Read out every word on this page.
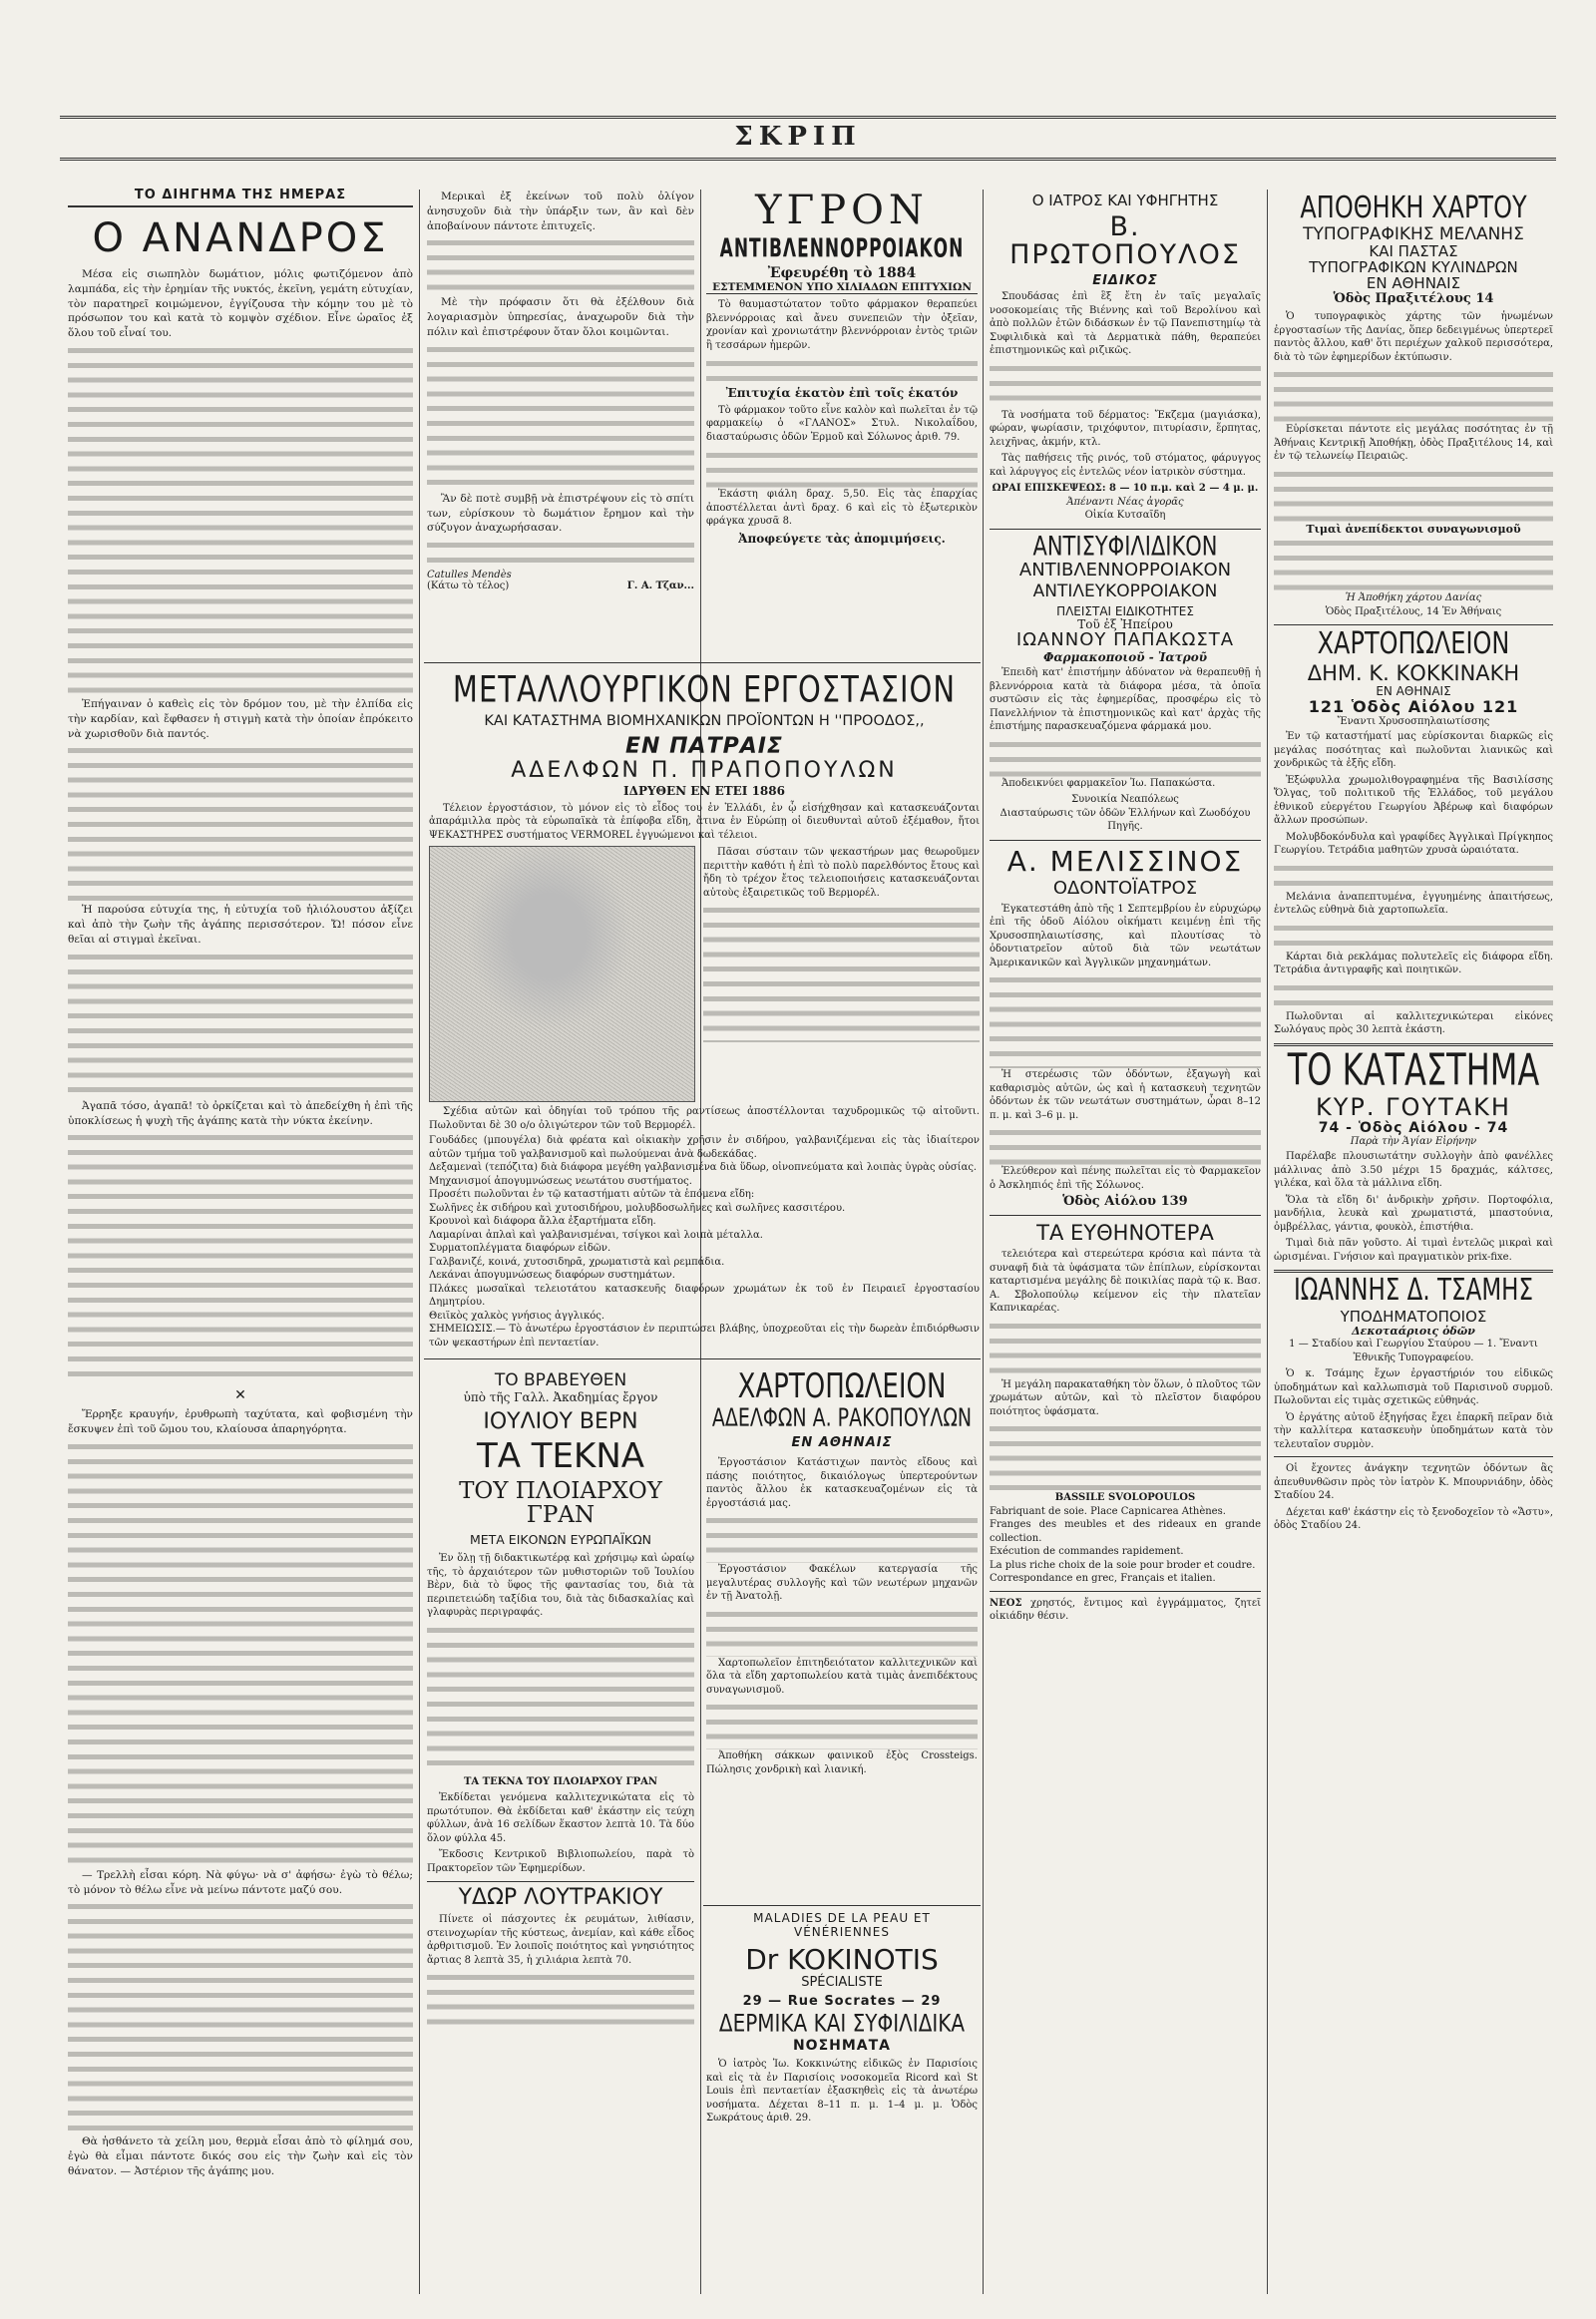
ΣΚΡΙΠ
ΤΟ ΔΙΗΓΗΜΑ ΤΗΣ ΗΜΕΡΑΣ
Ο ΑΝΑΝΔΡΟΣ

Μέσα εἰς σιωπηλὸν δωμάτιον, μόλις φωτιζόμενον ἀπὸ λαμπάδα, εἰς τὴν ἐρημίαν τῆς νυκτός, ἐκεῖνη, γεμάτη εὐτυχίαν, τὸν παρατηρεῖ κοιμώμενον, ἐγγίζουσα τὴν κόμην του μὲ τὸ πρόσωπον του καὶ κατὰ τὸ κομψὸν σχέδιον. Εἶνε ὡραῖος ἐξ ὅλου τοῦ εἶναί του.

Ἐπήγαιναν ὁ καθεὶς εἰς τὸν δρόμον του, μὲ τὴν ἐλπίδα εἰς τὴν καρδίαν, καὶ ἔφθασεν ἡ στιγμὴ κατὰ τὴν ὁποίαν ἐπρόκειτο νὰ χωρισθοῦν διὰ παντός.

Ἡ παρούσα εὐτυχία της, ἡ εὐτυχία τοῦ ἡλιόλουστου ἀξίζει καὶ ἀπὸ τὴν ζωὴν τῆς ἀγάπης περισσότερον. Ὤ! πόσον εἶνε θεῖαι αἱ στιγμαὶ ἐκεῖναι.

Ἀγαπᾶ τόσο, ἀγαπᾶ! τὸ ὀρκίζεται καὶ τὸ ἀπεδείχθη ἡ ἐπὶ τῆς ὑποκλίσεως ἡ ψυχὴ τῆς ἀγάπης κατὰ τὴν νύκτα ἐκείνην.

✕

Ἔρρηξε κραυγήν, ἐρυθρωπὴ ταχύτατα, καὶ φοβισμένη τὴν ἔσκυψεν ἐπὶ τοῦ ὤμου του, κλαίουσα ἀπαρηγόρητα.

— Τρελλὴ εἶσαι κόρη. Νὰ φύγω· νὰ σ' ἀφήσω· ἐγὼ τὸ θέλω; τὸ μόνον τὸ θέλω εἶνε νὰ μείνω πάντοτε μαζύ σου.

Θὰ ἠσθάνετο τὰ χείλη μου, θερμὰ εἶσαι ἀπὸ τὸ φίλημά σου, ἐγὼ θὰ εἶμαι πάντοτε δικός σου εἰς τὴν ζωὴν καὶ εἰς τὸν θάνατον. — Ἀστέριον τῆς ἀγάπης μου.

Μερικαὶ ἐξ ἐκείνων τοῦ πολὺ ὀλίγον ἀνησυχοῦν διὰ τὴν ὑπάρξιν των, ἂν καὶ δὲν ἀποβαίνουν πάντοτε ἐπιτυχεῖς.

Μὲ τὴν πρόφασιν ὅτι θὰ ἐξέλθουν διὰ λογαριασμὸν ὑπηρεσίας, ἀναχωροῦν διὰ τὴν πόλιν καὶ ἐπιστρέφουν ὅταν ὅλοι κοιμῶνται.

Ἂν δὲ ποτὲ συμβῇ νὰ ἐπιστρέψουν εἰς τὸ σπίτι των, εὑρίσκουν τὸ δωμάτιον ἔρημον καὶ τὴν σύζυγον ἀναχωρήσασαν.

Catulles Mendès
(Κάτω τὸ τέλος)	Γ. Α. Τζαν...
ΥΓΡΟΝ
ΑΝΤΙΒΛΕΝΝΟΡΡΟΙΑΚΟΝ
Ἐφευρέθη τὸ 1884
ΕΣΤΕΜΜΕΝΟΝ ΥΠΟ ΧΙΛΙΑΔΩΝ ΕΠΙΤΥΧΙΩΝ

Τὸ θαυμαστώτατον τοῦτο φάρμακον θεραπεύει βλεννόρροιας καὶ ἄνευ συνεπειῶν τὴν ὀξεῖαν, χρονίαν καὶ χρονιωτάτην βλεννόρροιαν ἐντὸς τριῶν ἢ τεσσάρων ἡμερῶν.

Ἐπιτυχία ἑκατὸν ἐπὶ τοῖς ἑκατόν

Τὸ φάρμακον τοῦτο εἶνε καλὸν καὶ πωλεῖται ἐν τῷ φαρμακείῳ ὁ «ΓΛΑΝΟΣ» Στυλ. Νικολαΐδου, διασταύρωσις ὁδῶν Ἑρμοῦ καὶ Σόλωνος ἀριθ. 79.

Ἑκάστη φιάλη δραχ. 5,50. Εἰς τὰς ἐπαρχίας ἀποστέλλεται ἀντὶ δραχ. 6 καὶ εἰς τὸ ἐξωτερικὸν φράγκα χρυσᾶ 8.

Ἀποφεύγετε τὰς ἀπομιμήσεις.
ΜΕΤΑΛΛΟΥΡΓΙΚΟΝ ΕΡΓΟΣΤΑΣΙΟΝ
ΚΑΙ ΚΑΤΑΣΤΗΜΑ ΒΙΟΜΗΧΑΝΙΚΩΝ ΠΡΟΪΟΝΤΩΝ Η ''ΠΡΟΟΔΟΣ,,
ΕΝ ΠΑΤΡΑΙΣ
ΑΔΕΛΦΩΝ Π. ΠΡΑΠΟΠΟΥΛΩΝ
ΙΔΡΥΘΕΝ ΕΝ ΕΤΕΙ 1886

Τέλειον ἐργοστάσιον, τὸ μόνον εἰς τὸ εἶδος του ἐν Ἑλλάδι, ἐν ᾧ εἰσήχθησαν καὶ κατασκευάζονται ἀπαράμιλλα πρὸς τὰ εὐρωπαϊκὰ τὰ ἐπίφοβα εἴδη, ἅτινα ἐν Εὐρώπῃ οἱ διευθυνταὶ αὐτοῦ ἐξέμαθον, ἤτοι ΨΕΚΑΣΤΗΡΕΣ συστήματος VERMOREL ἐγγυώμενοι καὶ τέλειοι.

Πᾶσαι σύσταιν τῶν ψεκαστήρων μας θεωροῦμεν περιττὴν καθότι ἡ ἐπὶ τὸ πολὺ παρελθόντος ἔτους καὶ ἤδη τὸ τρέχον ἔτος τελειοποιήσεις κατασκευάζονται αὐτοὺς ἐξαιρετικῶς τοῦ Βερμορέλ.

Σχέδια αὐτῶν καὶ ὁδηγίαι τοῦ τρόπου τῆς ραντίσεως ἀποστέλλονται ταχυδρομικῶς τῷ αἰτοῦντι. Πωλοῦνται δὲ 30 ο/ο ὀλιγώτερον τῶν τοῦ Βερμορέλ.

Γουδάδες (μπουγέλα) διὰ φρέατα καὶ οἰκιακὴν χρῆσιν ἐν σιδήρου, γαλβανιζέμεναι εἰς τὰς ἰδιαίτερον αὐτῶν τμήμα τοῦ γαλβανισμοῦ καὶ πωλούμεναι ἀνὰ δωδεκάδας.
Δεξαμεναὶ (τεπόζιτα) διὰ διάφορα μεγέθη γαλβανισμένα διὰ ὕδωρ, οἰνοπνεύματα καὶ λοιπὰς ὑγρὰς οὐσίας.
Μηχανισμοί ἀπογυμνώσεως νεωτάτου συστήματος.
Προσέτι πωλοῦνται ἐν τῷ καταστήματι αὐτῶν τὰ ἑπόμενα εἴδη:
Σωλῆνες ἐκ σιδήρου καὶ χυτοσιδήρου, μολυβδοσωλῆνες καὶ σωλῆνες κασσιτέρου.
Κρουνοὶ καὶ διάφορα ἄλλα ἐξαρτήματα εἴδη.
Λαμαρίναι ἀπλαὶ καὶ γαλβανισμέναι, τσίγκοι καὶ λοιπὰ μέταλλα.
Συρματοπλέγματα διαφόρων εἰδῶν.
Γαλβανιζέ, κοινά, χυτοσιδηρᾶ, χρωματιστὰ καὶ ρεμπάδια.
Λεκάναι ἀπογυμνώσεως διαφόρων συστημάτων.
Πλάκες μωσαϊκαὶ τελειοτάτου κατασκευῆς διαφόρων χρωμάτων ἐκ τοῦ ἐν Πειραιεῖ ἐργοστασίου Δημητρίου.
Θειϊκὸς χαλκὸς γνήσιος ἀγγλικός.
ΣΗΜΕΙΩΣΙΣ.— Τὸ ἀνωτέρω ἐργοστάσιον ἐν περιπτώσει βλάβης, ὑποχρεοῦται εἰς τὴν δωρεὰν ἐπιδιόρθωσιν τῶν ψεκαστήρων ἐπὶ πενταετίαν.
ΤΟ ΒΡΑΒΕΥΘΕΝ
ὑπὸ τῆς Γαλλ. Ἀκαδημίας ἔργον
ΙΟΥΛΙΟΥ ΒΕΡΝ
ΤΑ ΤΕΚΝΑ
ΤΟΥ ΠΛΟΙΑΡΧΟΥ ΓΡΑΝ
ΜΕΤΑ ΕΙΚΟΝΩΝ ΕΥΡΩΠΑΪΚΩΝ

Ἐν ὅλῃ τῇ διδακτικωτέρᾳ καὶ χρήσιμῳ καὶ ὡραίῳ τῆς, τὸ ἀρχαιότερον τῶν μυθιστοριῶν τοῦ Ἰουλίου Βὲρν, διὰ τὸ ὕφος τῆς φαντασίας του, διὰ τὰ περιπετειώδη ταξίδια του, διὰ τὰς διδασκαλίας καὶ γλαφυρὰς περιγραφάς.

ΤΑ ΤΕΚΝΑ ΤΟΥ ΠΛΟΙΑΡΧΟΥ ΓΡΑΝ

Ἐκδίδεται γενόμενα καλλιτεχνικώτατα εἰς τὸ πρωτότυπον. Θὰ ἐκδίδεται καθ' ἑκάστην εἰς τεύχη φύλλων, ἀνὰ 16 σελίδων ἕκαστον λεπτὰ 10. Τὰ δύο ὅλον φύλλα 45.

Ἔκδοσις Κεντρικοῦ Βιβλιοπωλείου, παρὰ τὸ Πρακτορεῖον τῶν Ἐφημερίδων.

ΥΔΩΡ ΛΟΥΤΡΑΚΙΟΥ

Πίνετε οἱ πάσχοντες ἐκ ρευμάτων, λιθίασιν, στεινοχωρίαν τῆς κύστεως, ἀνεμίαν, καὶ κάθε εἶδος ἀρθριτισμοῦ. Ἐν λοιποῖς ποιότητος καὶ γνησιότητος ἄρτιας 8 λεπτὰ 35, ἡ χιλιάρια λεπτὰ 70.

ΧΑΡΤΟΠΩΛΕΙΟΝ
ΑΔΕΛΦΩΝ Α. ΡΑΚΟΠΟΥΛΩΝ
ΕΝ ΑΘΗΝΑΙΣ

Ἐργοστάσιον Κατάστιχων παντὸς εἴδους καὶ πάσης ποιότητος, δικαιόλογως ὑπερτερούντων παντὸς ἄλλου ἐκ κατασκευαζομένων εἰς τὰ ἐργοστάσιά μας.

Ἐργοστάσιον Φακέλων κατεργασία τῆς μεγαλυτέρας συλλογῆς καὶ τῶν νεωτέρων μηχανῶν ἐν τῇ Ἀνατολῇ.

Χαρτοπωλεῖον ἐπιτηδειότατον καλλιτεχνικῶν καὶ ὅλα τὰ εἴδη χαρτοπωλείου κατὰ τιμὰς ἀνεπιδέκτους συναγωνισμοῦ.

Ἀποθήκη σάκκων φαινικοῦ ἐξὸς Crossteigs. Πώλησις χονδρικὴ καὶ λιανική.

MALADIES DE LA PEAU ET VÉNÉRIENNES
Dr KOKINOTIS
SPÉCIALISTE
29 — Rue Socrates — 29
ΔΕΡΜΙΚΑ ΚΑΙ ΣΥΦΙΛΙΔΙΚΑ
ΝΟΣΗΜΑΤΑ

Ὁ ἰατρὸς Ἰω. Κοκκινώτης εἰδικῶς ἐν Παρισίοις καὶ εἰς τὰ ἐν Παρισίοις νοσοκομεῖα Ricord καὶ St Louis ἐπὶ πενταετίαν ἐξασκηθεὶς εἰς τὰ ἀνωτέρω νοσήματα. Δέχεται 8–11 π. μ. 1–4 μ. μ. Ὁδὸς Σωκράτους ἀριθ. 29.

Ο ΙΑΤΡΟΣ ΚΑΙ ΥΦΗΓΗΤΗΣ
Β. ΠΡΩΤΟΠΟΥΛΟΣ
ΕΙΔΙΚΟΣ

Σπουδάσας ἐπὶ ἓξ ἔτη ἐν ταῖς μεγαλαῖς νοσοκομείαις τῆς Βιέννης καὶ τοῦ Βερολίνου καὶ ἀπὸ πολλῶν ἐτῶν διδάσκων ἐν τῷ Πανεπιστημίῳ τὰ Συφιλιδικὰ καὶ τὰ Δερματικὰ πάθη, θεραπεύει ἐπιστημονικῶς καὶ ριζικῶς.

Τὰ νοσήματα τοῦ δέρματος: Ἔκζεμα (μαγιάσκα), φώραν, ψωρίασιν, τριχόφυτον, πιτυρίασιν, ἕρπητας, λειχῆνας, ἀκμήν, κτλ.

Τὰς παθήσεις τῆς ρινός, τοῦ στόματος, φάρυγγος καὶ λάρυγγος εἰς ἐντελῶς νέον ἰατρικὸν σύστημα.

ΩΡΑΙ ΕΠΙΣΚΕΨΕΩΣ: 8 — 10 π.μ. καὶ 2 — 4 μ. μ.
Ἀπέναντι Νέας ἀγορᾶς
Οἰκία Κυτσαῖδη
ΑΝΤΙΣΥΦΙΛΙΔΙΚΟΝ
ΑΝΤΙΒΛΕΝΝΟΡΡΟΙΑΚΟΝ
ΑΝΤΙΛΕΥΚΟΡΡΟΙΑΚΟΝ
ΠΛΕΙΣΤΑΙ ΕΙΔΙΚΟΤΗΤΕΣ
Τοῦ ἐξ Ἠπείρου
ΙΩΑΝΝΟΥ ΠΑΠΑΚΩΣΤΑ
Φαρμακοποιοῦ - Ἰατροῦ

Ἐπειδὴ κατ' ἐπιστήμην ἀδύνατον νὰ θεραπευθῇ ἡ βλεννόρροια κατὰ τὰ διάφορα μέσα, τὰ ὁποῖα συστῶσιν εἰς τὰς ἐφημερίδας, προσφέρω εἰς τὸ Πανελλήνιον τὰ ἐπιστημονικῶς καὶ κατ' ἀρχὰς τῆς ἐπιστήμης παρασκευαζόμενα φάρμακά μου.

Ἀποδεικνύει φαρμακεῖον Ἰω. Παπακώστα.

Συνοικία Νεαπόλεως
Διασταύρωσις τῶν ὁδῶν Ἑλλήνων καὶ Ζωοδόχου Πηγῆς.
Α. ΜΕΛΙΣΣΙΝΟΣ
ΟΔΟΝΤΟΪΑΤΡΟΣ

Ἐγκατεστάθη ἀπὸ τῆς 1 Σεπτεμβρίου ἐν εὐρυχώρῳ ἐπὶ τῆς ὁδοῦ Αἰόλου οἰκήματι κειμένῃ ἐπὶ τῆς Χρυσοσπηλαιωτίσσης, καὶ πλουτίσας τὸ ὀδοντιατρεῖον αὐτοῦ διὰ τῶν νεωτάτων Ἀμερικανικῶν καὶ Ἀγγλικῶν μηχανημάτων.

Ἡ στερέωσις τῶν ὀδόντων, ἐξαγωγὴ καὶ καθαρισμὸς αὐτῶν, ὡς καὶ ἡ κατασκευὴ τεχνητῶν ὀδόντων ἐκ τῶν νεωτάτων συστημάτων, ὧραι 8–12 π. μ. καὶ 3–6 μ. μ.

Ἐλεύθερον καὶ πένης πωλεῖται εἰς τὸ Φαρμακεῖον ὁ Ἀσκληπιός ἐπὶ τῆς Σόλωνος.

Ὁδὸς Αἰόλου 139
ΤΑ ΕΥΘΗΝΟΤΕΡΑ

τελειότερα καὶ στερεώτερα κρόσια καὶ πάντα τὰ συναφῆ διὰ τὰ ὑφάσματα τῶν ἐπίπλων, εὑρίσκονται καταρτισμένα μεγάλης δὲ ποικιλίας παρὰ τῷ κ. Βασ. Α. Σβολοπούλῳ κείμενον εἰς τὴν πλατεῖαν Καπνικαρέας.

Ἡ μεγάλη παρακαταθήκη τὸν ὅλων, ὁ πλοῦτος τῶν χρωμάτων αὐτῶν, καὶ τὸ πλεῖστον διαφόρου ποιότητος ὑφάσματα.

BASSILE SVOLOPOULOS
Fabriquant de soie. Place Capnicarea Athènes.
Franges des meubles et des rideaux en grande collection.
Exécution de commandes rapidement.
La plus riche choix de la soie pour broder et coudre.
Correspondance en grec, Français et italien.
ΝΕΟΣ χρηστός, ἔντιμος καὶ ἐγγράμματος, ζητεῖ οἰκιάδην θέσιν.
ΑΠΟΘΗΚΗ ΧΑΡΤΟΥ
ΤΥΠΟΓΡΑΦΙΚΗΣ ΜΕΛΑΝΗΣ
ΚΑΙ ΠΑΣΤΑΣ
ΤΥΠΟΓΡΑΦΙΚΩΝ ΚΥΛΙΝΔΡΩΝ
ΕΝ ΑΘΗΝΑΙΣ
Ὁδὸς Πραξιτέλους 14

Ὁ τυπογραφικὸς χάρτης τῶν ἡνωμένων ἐργοστασίων τῆς Δανίας, ὅπερ δεδειγμένως ὑπερτερεῖ παντὸς ἄλλου, καθ' ὅτι περιέχων χαλκοῦ περισσότερα, διὰ τὸ τῶν ἐφημερίδων ἐκτύπωσιν.

Εὑρίσκεται πάντοτε εἰς μεγάλας ποσότητας ἐν τῇ Ἀθήναις Κεντρικῇ Ἀποθήκῃ, ὁδὸς Πραξιτέλους 14, καὶ ἐν τῷ τελωνείῳ Πειραιῶς.

Τιμαὶ ἀνεπίδεκτοι συναγωνισμοῦ
Ἡ Ἀποθήκη χάρτου Δανίας
Ὁδὸς Πραξιτέλους, 14 Ἐν Ἀθήναις
ΧΑΡΤΟΠΩΛΕΙΟΝ
ΔΗΜ. Κ. ΚΟΚΚΙΝΑΚΗ
ΕΝ ΑΘΗΝΑΙΣ
121 Ὁδὸς Αἰόλου 121
Ἔναντι Χρυσοσπηλαιωτίσσης

Ἐν τῷ καταστήματί μας εὑρίσκονται διαρκῶς εἰς μεγάλας ποσότητας καὶ πωλοῦνται λιανικῶς καὶ χονδρικῶς τὰ ἐξῆς εἴδη.

Ἐξώφυλλα χρωμολιθογραφημένα τῆς Βασιλίσσης Ὄλγας, τοῦ πολιτικοῦ τῆς Ἑλλάδος, τοῦ μεγάλου ἐθνικοῦ εὐεργέτου Γεωργίου Ἀβέρωφ καὶ διαφόρων ἄλλων προσώπων.

Μολυβδοκόνδυλα καὶ γραφίδες Ἀγγλικαὶ Πρίγκηπος Γεωργίου. Τετράδια μαθητῶν χρυσὰ ὡραιότατα.

Μελάνια ἀναπεπτυμένα, ἐγγυημένης ἀπαιτήσεως, ἐντελῶς εὐθηνὰ διὰ χαρτοπωλεῖα.

Κάρται διὰ ρεκλάμας πολυτελεῖς εἰς διάφορα εἴδη. Τετράδια ἀντιγραφῆς καὶ ποιητικῶν.

Πωλοῦνται αἱ καλλιτεχνικώτεραι εἰκόνες Σωλόγαυς πρὸς 30 λεπτὰ ἑκάστη.

ΤΟ ΚΑΤΑΣΤΗΜΑ
ΚΥΡ. ΓΟΥΤΑΚΗ
74 - Ὁδὸς Αἰόλου - 74
Παρὰ τὴν Ἁγίαν Εἰρήνην

Παρέλαβε πλουσιωτάτην συλλογὴν ἀπὸ φανέλλες μάλλινας ἀπὸ 3.50 μέχρι 15 δραχμάς, κάλτσες, γιλέκα, καὶ ὅλα τὰ μάλλινα εἴδη.

Ὅλα τὰ εἴδη δι' ἀνδρικὴν χρῆσιν. Πορτοφόλια, μανδήλια, λευκὰ καὶ χρωματιστά, μπαστούνια, ὀμβρέλλας, γάντια, φουκὸλ, ἐπιστήθια.

Τιμαὶ διὰ πᾶν γοῦστο. Αἱ τιμαὶ ἐντελῶς μικραὶ καὶ ὡρισμέναι. Γνήσιον καὶ πραγματικὸν prix-fixe.

ΙΩΑΝΝΗΣ Δ. ΤΣΑΜΗΣ
ΥΠΟΔΗΜΑΤΟΠΟΙΟΣ
Δεκοταάριοις ὁδῶν
1 — Σταδίου καὶ Γεωργίου Σταύρου — 1. Ἔναντι Ἐθνικῆς Τυπογραφείου.

Ὁ κ. Τσάμης ἔχων ἐργαστήριόν του εἰδικῶς ὑποδημάτων καὶ καλλωπισμὰ τοῦ Παρισινοῦ συρμοῦ. Πωλοῦνται εἰς τιμὰς σχετικῶς εὐθηνάς.

Ὁ ἐργάτης αὐτοῦ ἐξηγήσας ἔχει ἐπαρκῆ πεῖραν διὰ τὴν καλλίτερα κατασκευὴν ὑποδημάτων κατὰ τὸν τελευταῖον συρμὸν.

Οἱ ἔχοντες ἀνάγκην τεχνητῶν ὀδόντων ἂς ἀπευθυνθῶσιν πρὸς τὸν ἰατρὸν Κ. Μπουρνιάδην, ὁδὸς Σταδίου 24.

Δέχεται καθ' ἑκάστην εἰς τὸ ξενοδοχεῖον τὸ «Ἄστυ», ὁδὸς Σταδίου 24.
